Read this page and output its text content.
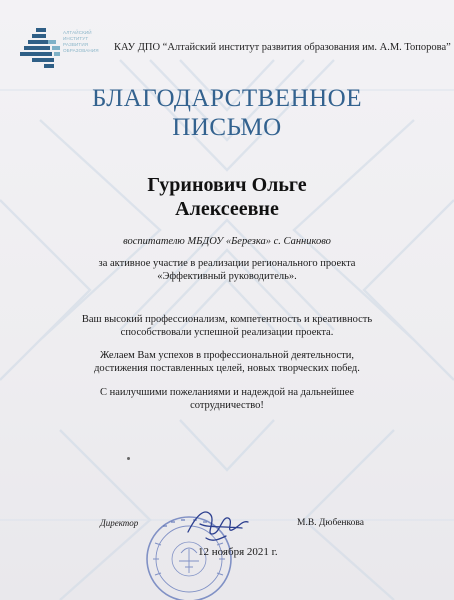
АЛТАЙСКИЙ
ИНСТИТУТ
РАЗВИТИЯ
ОБРАЗОВАНИЯ	КАУ ДПО “Алтайский институт развития образования им. А.М. Топорова”
БЛАГОДАРСТВЕННОЕ
ПИСЬМО
Гуринович Ольге
Алексеевне
воспитателю МБДОУ «Березка» с. Санниково
за активное участие в реализации регионального проекта
«Эффективный руководитель».
Ваш высокий профессионализм, компетентность и креативность
способствовали успешной реализации проекта.
Желаем Вам успехов в профессиональной деятельности,
достижения поставленных целей, новых творческих побед.
С наилучшими пожеланиями и надеждой на дальнейшее
сотрудничество!
Директор	М.В. Дюбенкова
12 ноября 2021 г.
